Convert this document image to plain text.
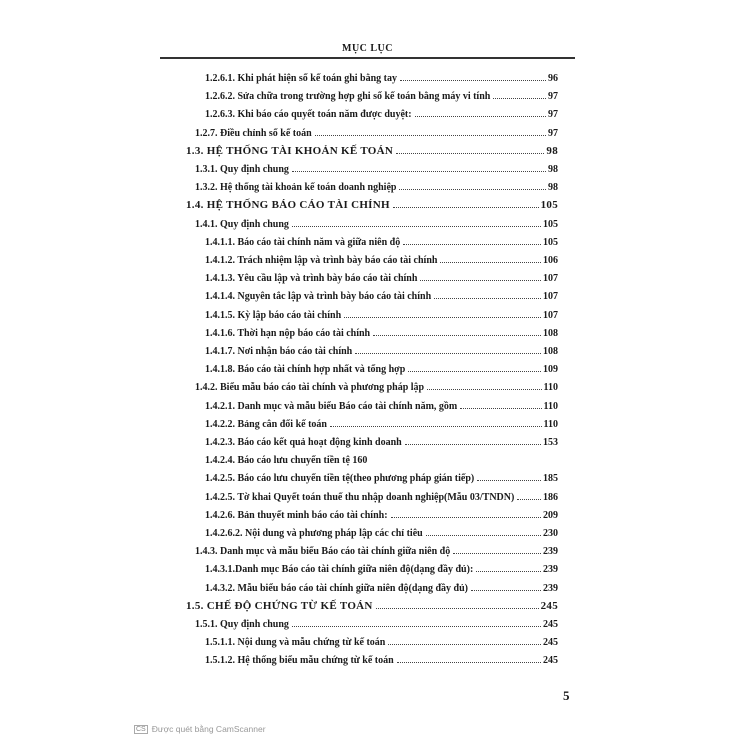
MỤC LỤC
1.2.6.1. Khi phát hiện sổ kế toán ghi bằng tay	96
1.2.6.2. Sửa chữa trong trường hợp ghi sổ kế toán bằng máy vi tính	97
1.2.6.3. Khi báo cáo quyết toán năm được duyệt:	97
1.2.7. Điều chỉnh sổ kế toán	97
1.3. HỆ THỐNG TÀI KHOẢN KẾ TOÁN	98
1.3.1. Quy định chung	98
1.3.2. Hệ thống tài khoản kế toán doanh nghiệp	98
1.4. HỆ THỐNG BÁO CÁO TÀI CHÍNH	105
1.4.1. Quy định chung	105
1.4.1.1. Báo cáo tài chính năm và giữa niên độ	105
1.4.1.2. Trách nhiệm lập và trình bày báo cáo tài chính	106
1.4.1.3. Yêu cầu lập và trình bày báo cáo tài chính	107
1.4.1.4. Nguyên tắc lập và trình bày báo cáo tài chính	107
1.4.1.5. Kỳ lập báo cáo tài chính	107
1.4.1.6. Thời hạn nộp báo cáo tài chính	108
1.4.1.7. Nơi nhận báo cáo tài chính	108
1.4.1.8. Báo cáo tài chính hợp nhất và tổng hợp	109
1.4.2. Biểu mẫu báo cáo tài chính và phương pháp lập	110
1.4.2.1. Danh mục và mẫu biểu Báo cáo tài chính năm, gồm	110
1.4.2.2. Bảng cân đối kế toán	110
1.4.2.3. Báo cáo kết quả hoạt động kinh doanh	153
1.4.2.4. Báo cáo lưu chuyển tiền tệ 160
1.4.2.5. Báo cáo lưu chuyển tiền tệ(theo phương pháp gián tiếp)	185
1.4.2.5. Tờ khai Quyết toán thuế thu nhập doanh nghiệp(Mẫu 03/TNDN)	186
1.4.2.6. Bản thuyết minh báo cáo tài chính:	209
1.4.2.6.2. Nội dung và phương pháp lập các chỉ tiêu	230
1.4.3. Danh mục và mẫu biểu Báo cáo tài chính giữa niên độ	239
1.4.3.1.Danh mục Báo cáo tài chính giữa niên độ(dạng đầy đủ):	239
1.4.3.2. Mẫu biểu báo cáo tài chính giữa niên độ(dạng đầy đủ)	239
1.5. CHẾ ĐỘ CHỨNG TỪ KẾ TOÁN	245
1.5.1. Quy định chung	245
1.5.1.1. Nội dung và mẫu chứng từ kế toán	245
1.5.1.2. Hệ thống biểu mẫu chứng từ kế toán	245
5
CS Được quét bằng CamScanner
